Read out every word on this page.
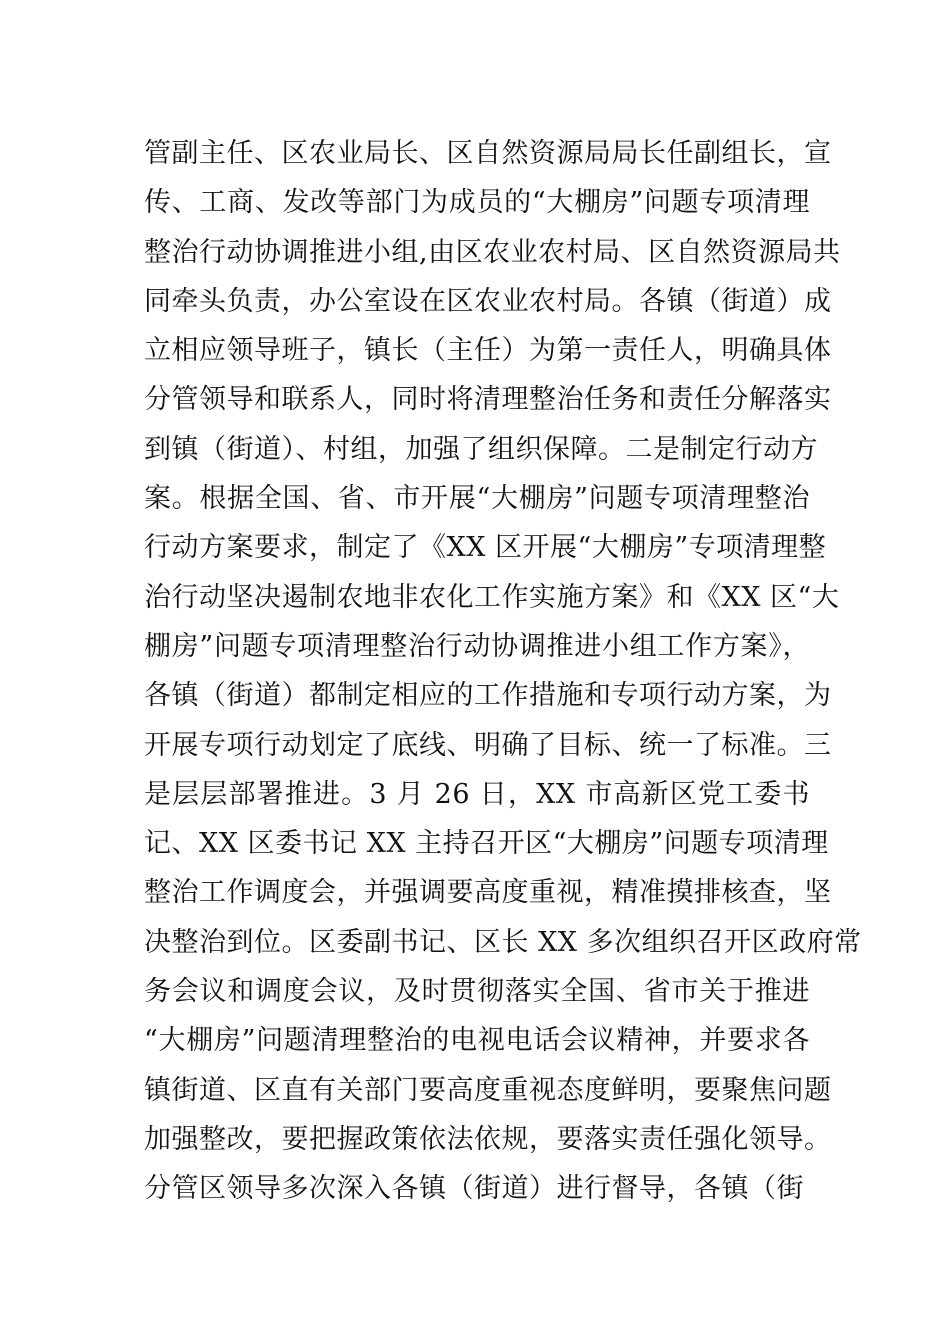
管副主任、区农业局长、区自然资源局局长任副组长，宣
传、工商、发改等部门为成员的“大棚房”问题专项清理
整治行动协调推进小组,由区农业农村局、区自然资源局共
同牵头负责，办公室设在区农业农村局。各镇（街道）成
立相应领导班子，镇长（主任）为第一责任人，明确具体
分管领导和联系人，同时将清理整治任务和责任分解落实
到镇（街道）、村组，加强了组织保障。二是制定行动方
案。根据全国、省、市开展“大棚房”问题专项清理整治
行动方案要求，制定了《XX 区开展“大棚房”专项清理整
治行动坚决遏制农地非农化工作实施方案》和《XX 区“大
棚房”问题专项清理整治行动协调推进小组工作方案》，
各镇（街道）都制定相应的工作措施和专项行动方案，为
开展专项行动划定了底线、明确了目标、统一了标准。三
是层层部署推进。3 月 26 日，XX 市高新区党工委书
记、XX 区委书记 XX 主持召开区“大棚房”问题专项清理
整治工作调度会，并强调要高度重视，精准摸排核查，坚
决整治到位。区委副书记、区长 XX 多次组织召开区政府常
务会议和调度会议，及时贯彻落实全国、省市关于推进
“大棚房”问题清理整治的电视电话会议精神，并要求各
镇街道、区直有关部门要高度重视态度鲜明，要聚焦问题
加强整改，要把握政策依法依规，要落实责任强化领导。
分管区领导多次深入各镇（街道）进行督导，各镇（街
